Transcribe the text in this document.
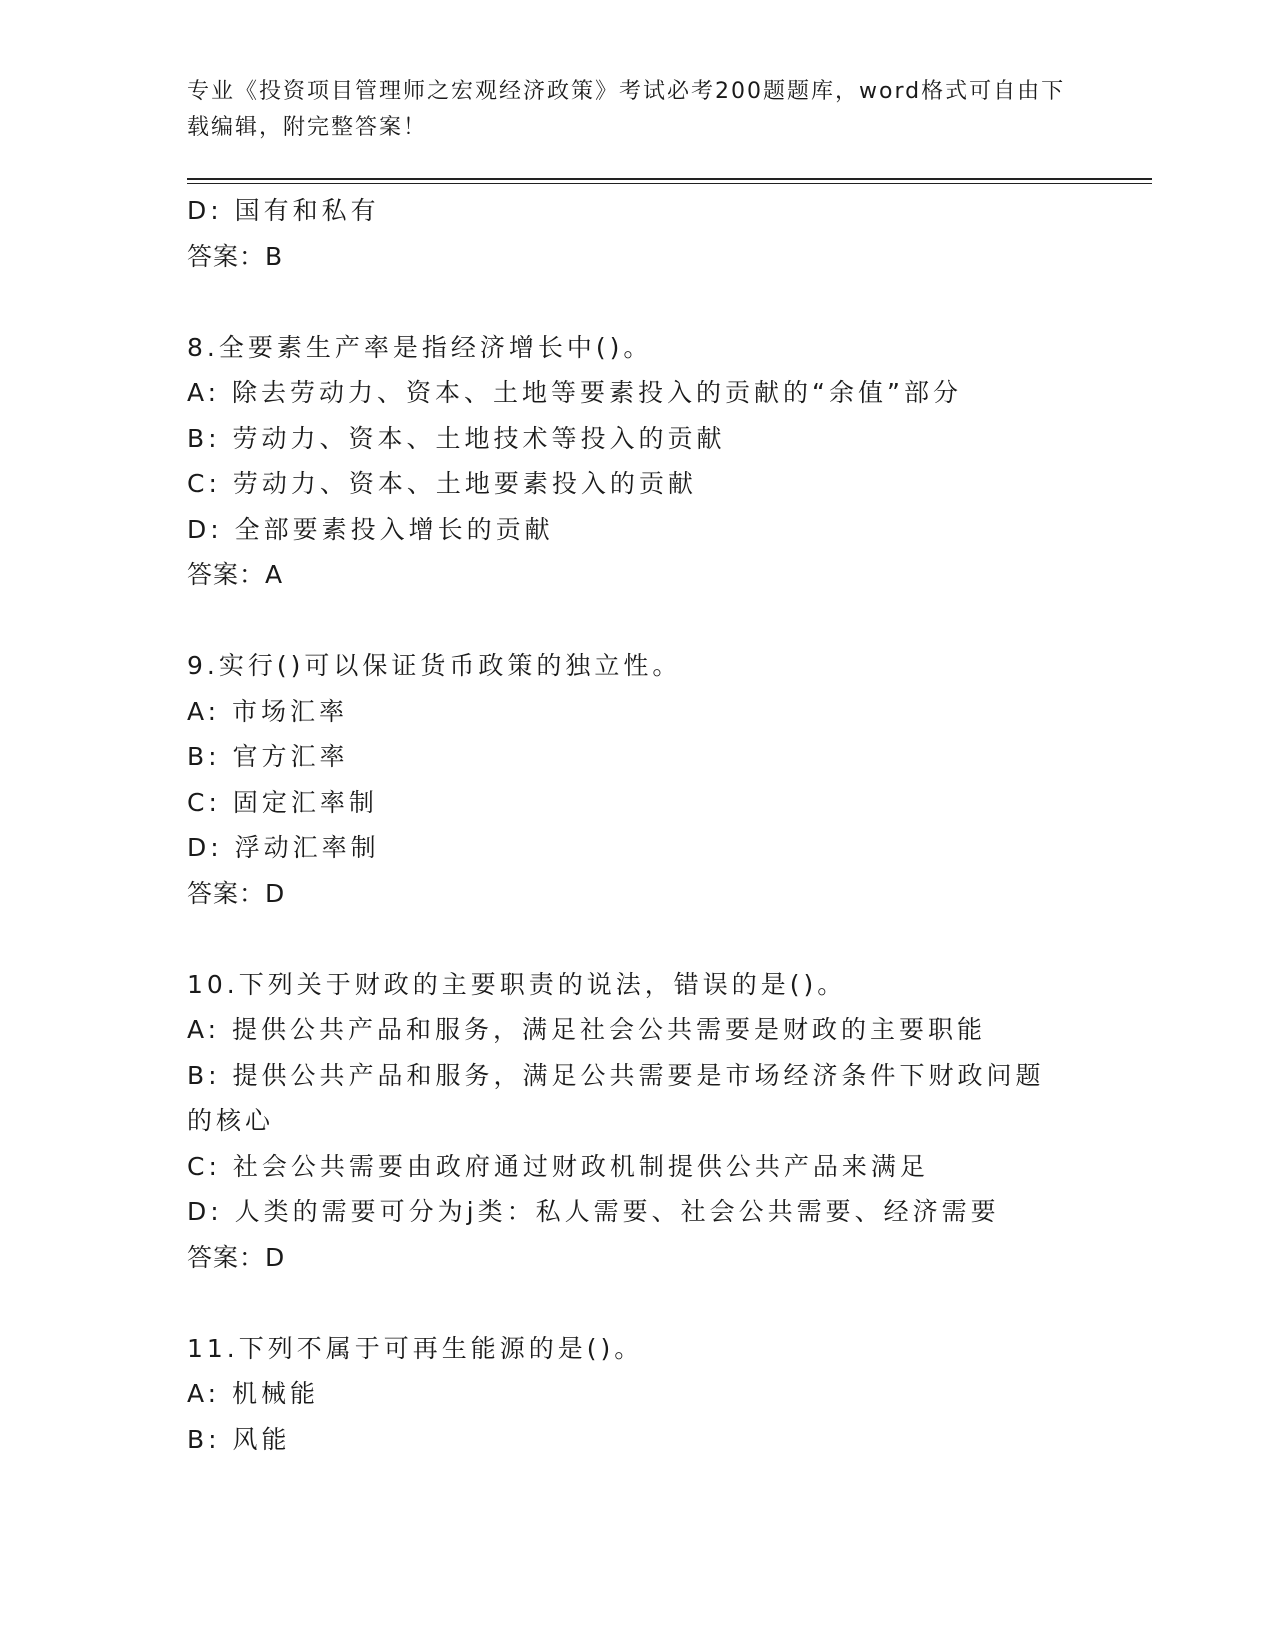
专业《投资项目管理师之宏观经济政策》考试必考200题题库，word格式可自由下载编辑，附完整答案！
D: 国有和私有
答案：B
8.全要素生产率是指经济增长中()。
A: 除去劳动力、资本、土地等要素投入的贡献的“余值”部分
B: 劳动力、资本、土地技术等投入的贡献
C: 劳动力、资本、土地要素投入的贡献
D: 全部要素投入增长的贡献
答案：A
9.实行()可以保证货币政策的独立性。
A: 市场汇率
B: 官方汇率
C: 固定汇率制
D: 浮动汇率制
答案：D
10.下列关于财政的主要职责的说法，错误的是()。
A: 提供公共产品和服务，满足社会公共需要是财政的主要职能
B: 提供公共产品和服务，满足公共需要是市场经济条件下财政问题的核心
C: 社会公共需要由政府通过财政机制提供公共产品来满足
D: 人类的需要可分为j类：私人需要、社会公共需要、经济需要
答案：D
11.下列不属于可再生能源的是()。
A: 机械能
B: 风能
